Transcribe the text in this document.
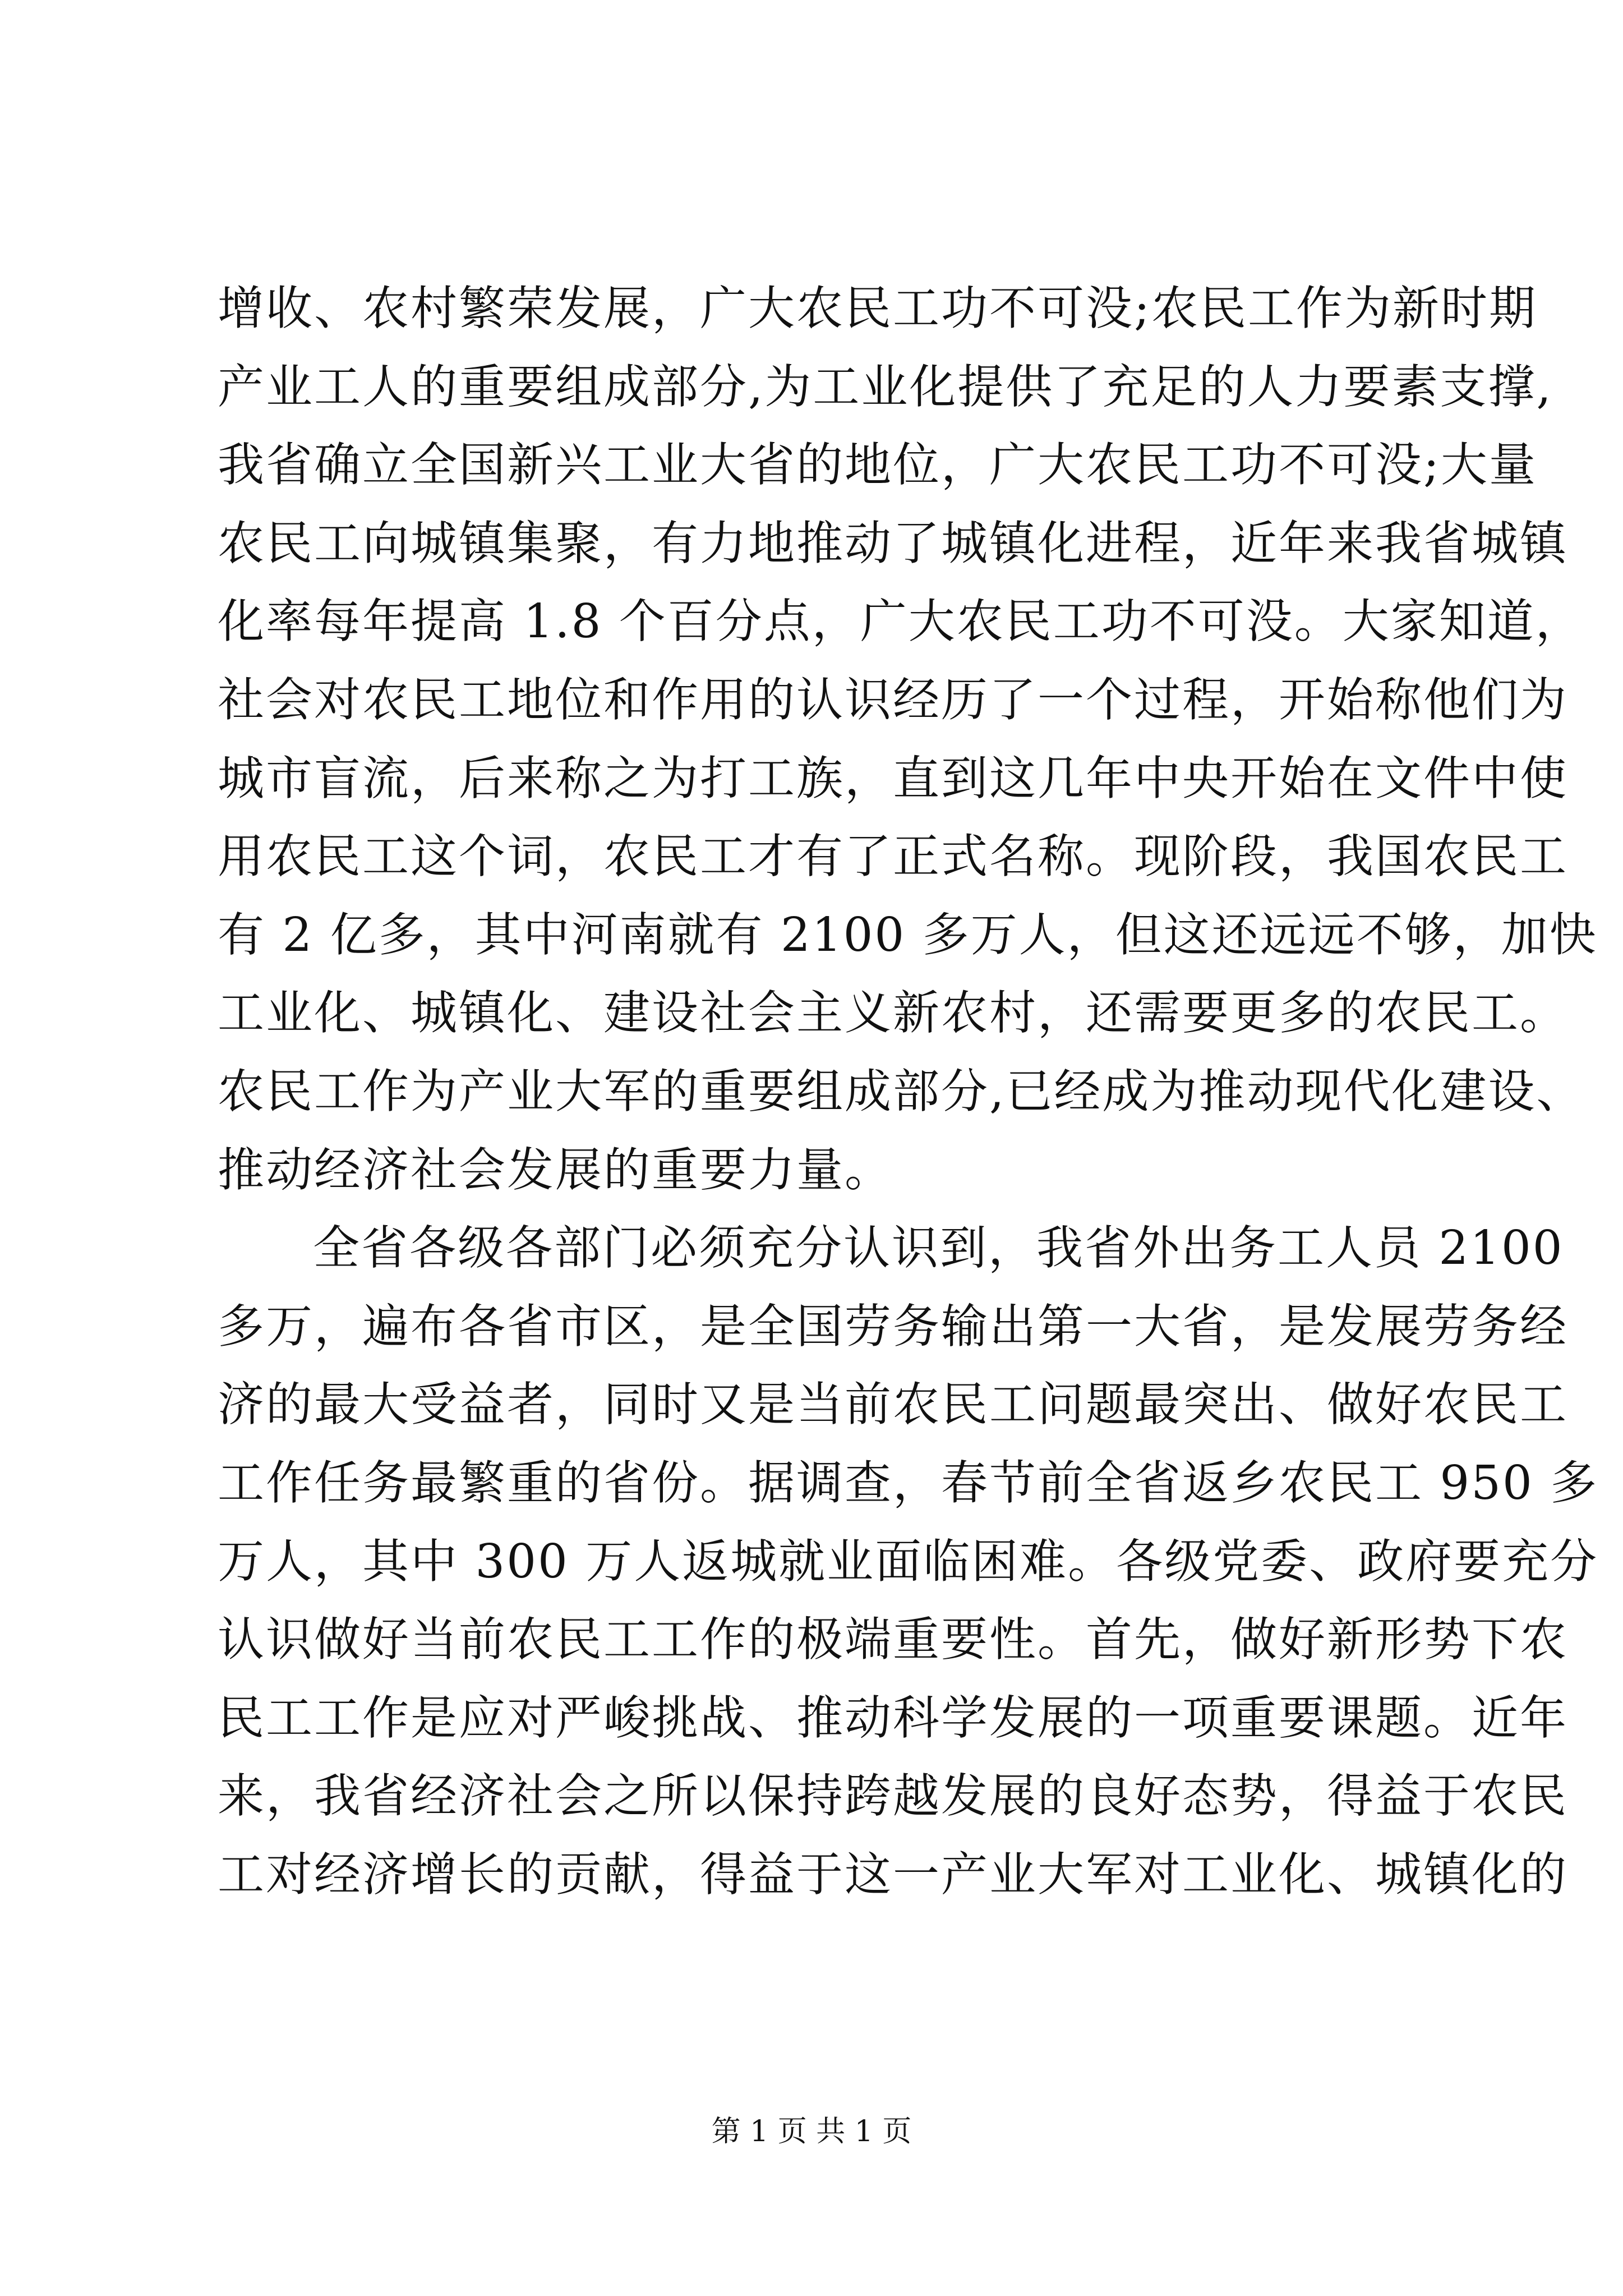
增收、农村繁荣发展，广大农民工功不可没;农民工作为新时期
产业工人的重要组成部分,为工业化提供了充足的人力要素支撑,
我省确立全国新兴工业大省的地位，广大农民工功不可没;大量
农民工向城镇集聚，有力地推动了城镇化进程，近年来我省城镇
化率每年提高 1.8 个百分点，广大农民工功不可没。大家知道，
社会对农民工地位和作用的认识经历了一个过程，开始称他们为
城市盲流，后来称之为打工族，直到这几年中央开始在文件中使
用农民工这个词，农民工才有了正式名称。现阶段，我国农民工
有 2 亿多，其中河南就有 2100 多万人，但这还远远不够，加快
工业化、城镇化、建设社会主义新农村，还需要更多的农民工。
农民工作为产业大军的重要组成部分,已经成为推动现代化建设、
推动经济社会发展的重要力量。
全省各级各部门必须充分认识到，我省外出务工人员 2100
多万，遍布各省市区，是全国劳务输出第一大省，是发展劳务经
济的最大受益者，同时又是当前农民工问题最突出、做好农民工
工作任务最繁重的省份。据调查，春节前全省返乡农民工 950 多
万人，其中 300 万人返城就业面临困难。各级党委、政府要充分
认识做好当前农民工工作的极端重要性。首先，做好新形势下农
民工工作是应对严峻挑战、推动科学发展的一项重要课题。近年
来，我省经济社会之所以保持跨越发展的良好态势，得益于农民
工对经济增长的贡献，得益于这一产业大军对工业化、城镇化的
第 1 页 共 1 页
